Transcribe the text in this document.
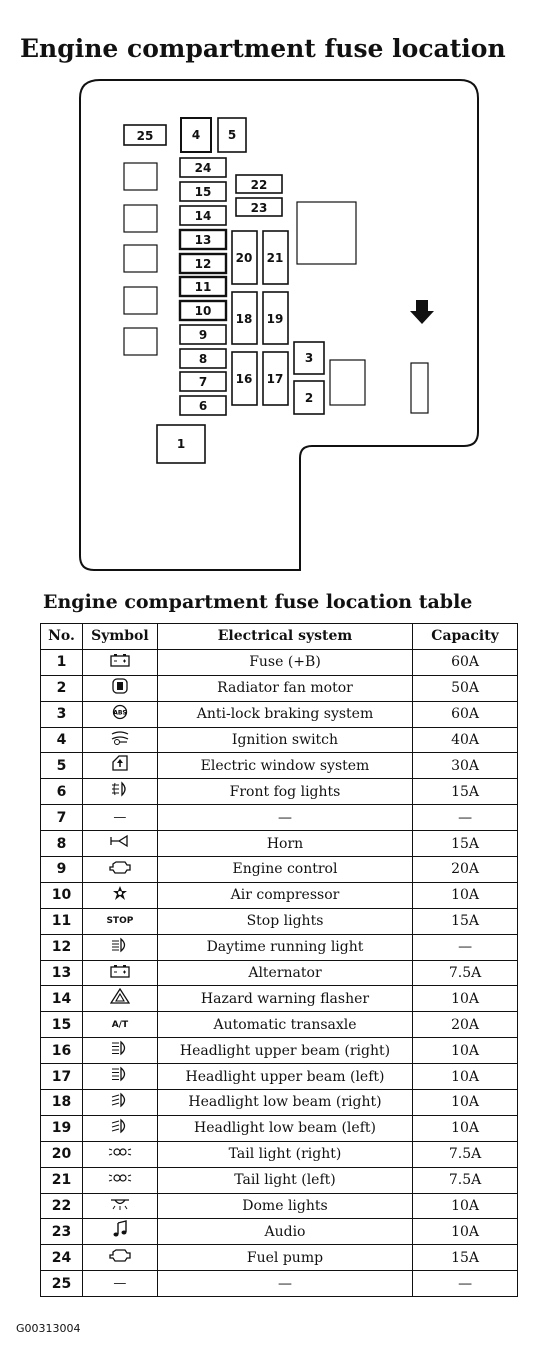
Engine compartment fuse location
25	4 5
24
15
14
13
12
11
10
9
8
7
6
22
23
20 21
18 19
16 17
3
2
1
Engine compartment fuse location table
No.	Symbol	Electrical system	Capacity
1		Fuse (+B)	60A
2		Radiator fan motor	50A
3	ABS	Anti-lock braking system	60A
4		Ignition switch	40A
5		Electric window system	30A
6		Front fog lights	15A
7	—	—	—
8		Horn	15A
9		Engine control	20A
10		Air compressor	10A
11	STOP	Stop lights	15A
12		Daytime running light	—
13		Alternator	7.5A
14		Hazard warning flasher	10A
15	A/T	Automatic transaxle	20A
16		Headlight upper beam (right)	10A
17		Headlight upper beam (left)	10A
18		Headlight low beam (right)	10A
19		Headlight low beam (left)	10A
20		Tail light (right)	7.5A
21		Tail light (left)	7.5A
22		Dome lights	10A
23		Audio	10A
24		Fuel pump	15A
25	—	—	—
G00313004
